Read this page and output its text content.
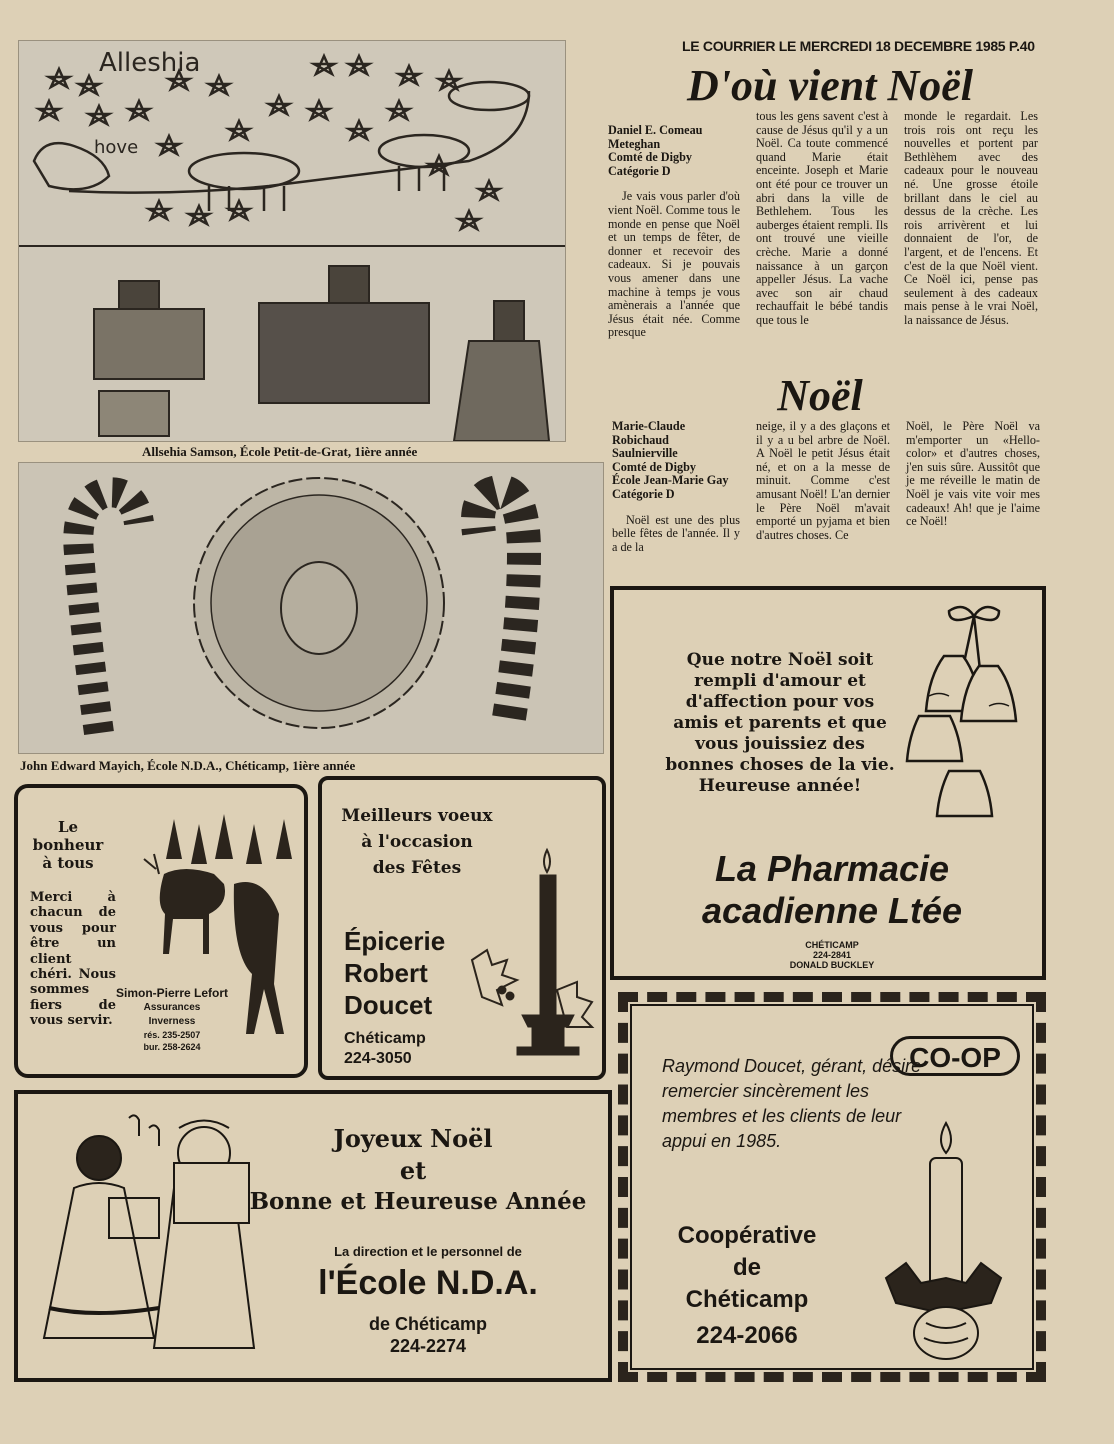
LE COURRIER LE MERCREDI 18 DECEMBRE 1985 P.40
Alleshia
hove
Allsehia Samson, École Petit-de-Grat, 1ière année
John Edward Mayich, École N.D.A., Chéticamp, 1ière année
D'où vient Noël
Daniel E. Comeau
Meteghan
Comté de Digby
Catégorie D

Je vais vous parler d'où vient Noël. Comme tous le monde en pense que Noël et un temps de fêter, de donner et recevoir des cadeaux. Si je pouvais vous amener dans une machine à temps je vous amènerais a l'année que Jésus était née. Comme presque

tous les gens savent c'est à cause de Jésus qu'il y a un Noël. Ca toute commencé quand Marie était enceinte. Joseph et Marie ont été pour ce trouver un abri dans la ville de Bethlehem. Tous les auberges étaient rempli. Ils ont trouvé une vieille crèche. Marie a donné naissance à un garçon appeller Jésus. La vache avec son air chaud rechauffait le bébé tandis que tous le

monde le regardait. Les trois rois ont reçu les nouvelles et portent par Bethlèhem avec des cadeaux pour le nouveau né. Une grosse étoile brillant dans le ciel au dessus de la crèche. Les rois arrivèrent et lui donnaient de l'or, de l'argent, et de l'encens. Et c'est de la que Noël vient. Ce Noël ici, pense pas seulement à des cadeaux mais pense à le vrai Noël, la naissance de Jésus.

Noël
Marie-Claude Robichaud
Saulnierville
Comté de Digby
École Jean-Marie Gay
Catégorie D

Noël est une des plus belle fêtes de l'année. Il y a de la

neige, il y a des glaçons et il y a u bel arbre de Noël. A Noël le petit Jésus était né, et on a la messe de minuit. Comme c'est amusant Noël! L'an dernier le Père Noël m'avait emporté un pyjama et bien d'autres choses. Ce

Noël, le Père Noël va m'emporter un «Hello-color» et d'autres choses, j'en suis sûre. Aussitôt que je me réveille le matin de Noël je vais vite voir mes cadeaux! Ah! que je l'aime ce Noël!

Que notre Noël soit rempli d'amour et d'affection pour vos amis et parents et que vous jouissiez des bonnes choses de la vie. Heureuse année!
La Pharmacie
acadienne Ltée
CHÉTICAMP
224-2841
DONALD BUCKLEY
Le bonheur à tous
Merci à chacun de vous pour être un client chéri. Nous sommes fiers de vous servir.
Simon-Pierre Lefort
Assurances
Inverness
rés. 235-2507
bur. 258-2624
Meilleurs voeux
à l'occasion
des Fêtes
Épicerie
Robert
Doucet
Chéticamp
224-3050
Joyeux Noël
et
Bonne et Heureuse Année
La direction et le personnel de
l'École N.D.A.
de Chéticamp
224-2274
Raymond Doucet, gérant, désire remercier sincèrement les membres et les clients de leur appui en 1985.
CO-OP
Coopérative
de
Chéticamp
224-2066
